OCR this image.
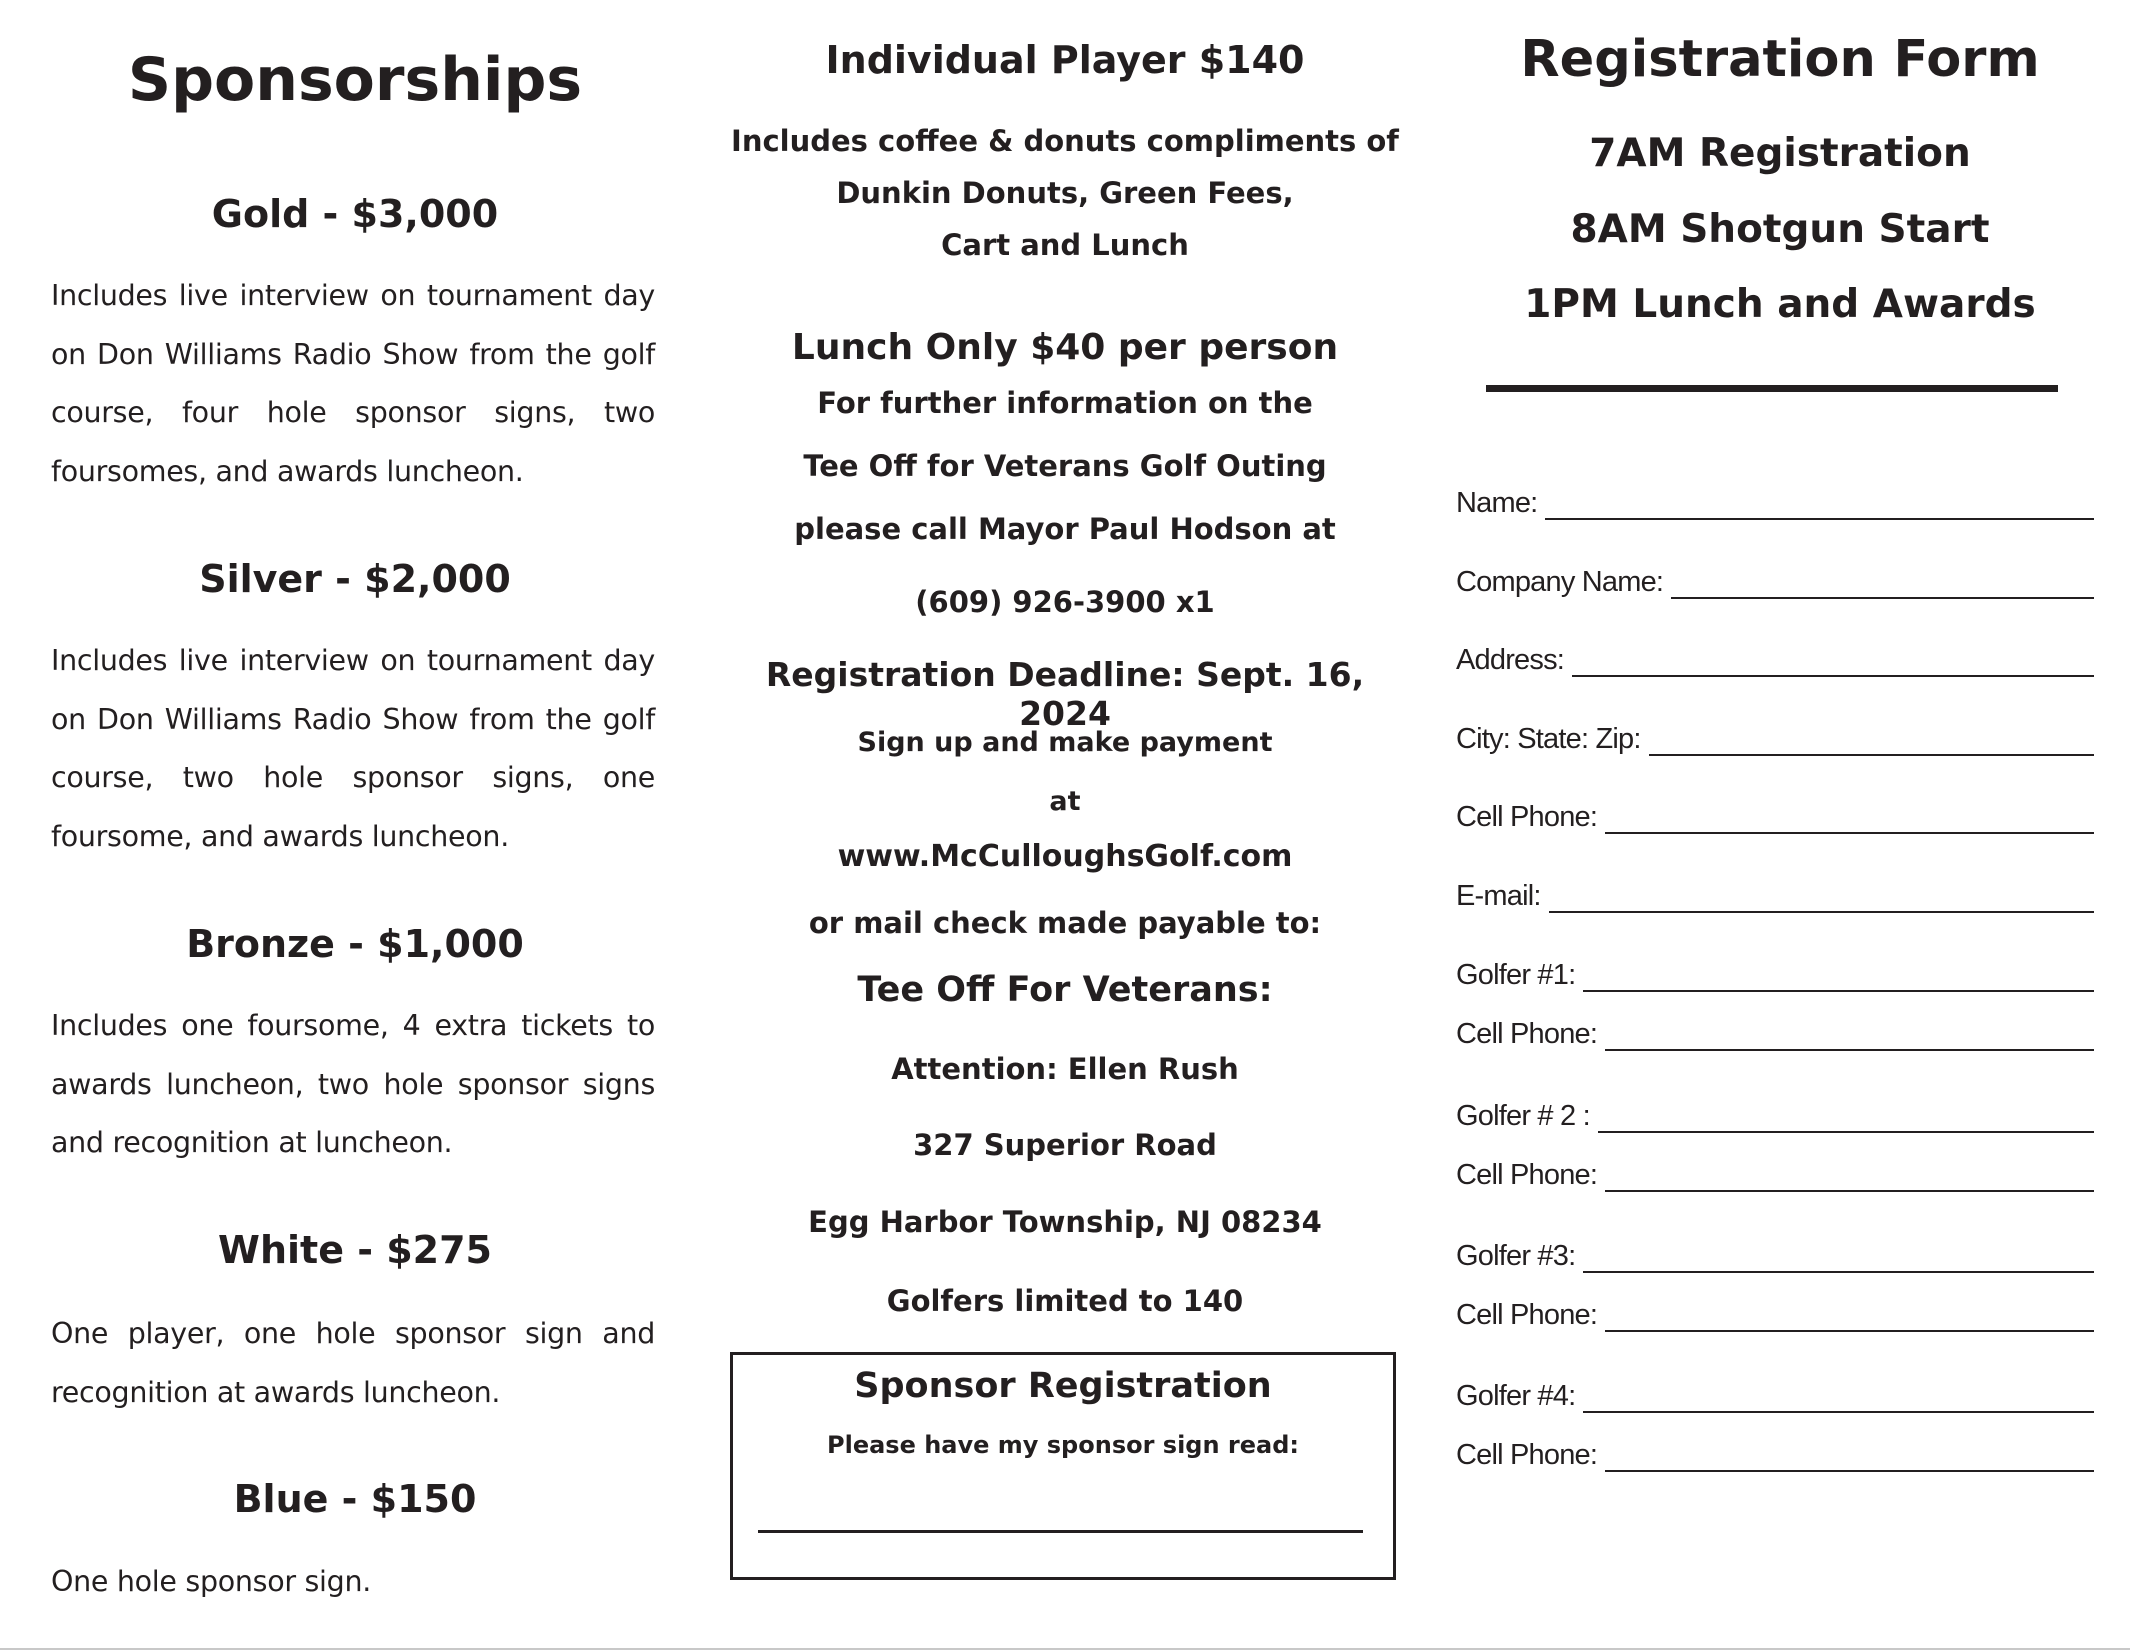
Sponsorships
Gold - $3,000
Includes live interview on tournament day on Don Williams Radio Show from the golf course, four hole sponsor signs, two foursomes, and awards luncheon.
Silver - $2,000
Includes live interview on tournament day on Don Williams Radio Show from the golf course, two hole sponsor signs, one foursome, and awards luncheon.
Bronze - $1,000
Includes one foursome, 4 extra tickets to awards luncheon, two hole sponsor signs and recognition at luncheon.
White - $275
One player, one hole sponsor sign and recognition at awards luncheon.
Blue - $150
One hole sponsor sign.
Individual Player $140
Includes coffee & donuts compliments of
Dunkin Donuts, Green Fees,
Cart and Lunch
Lunch Only $40 per person
For further information on the
Tee Off for Veterans Golf Outing
please call Mayor Paul Hodson at
(609) 926-3900 x1
Registration Deadline: Sept. 16, 2024
Sign up and make payment
at
www.McCulloughsGolf.com
or mail check made payable to:
Tee Off For Veterans:
Attention: Ellen Rush
327 Superior Road
Egg Harbor Township, NJ 08234
Golfers limited to 140
Sponsor Registration
Please have my sponsor sign read:
Registration Form
7AM Registration
8AM Shotgun Start
1PM Lunch and Awards
Name:
Company Name:
Address:
City: State: Zip:
Cell Phone:
E-mail:
Golfer #1:
Cell Phone:
Golfer # 2 :
Cell Phone:
Golfer #3:
Cell Phone:
Golfer #4:
Cell Phone:
